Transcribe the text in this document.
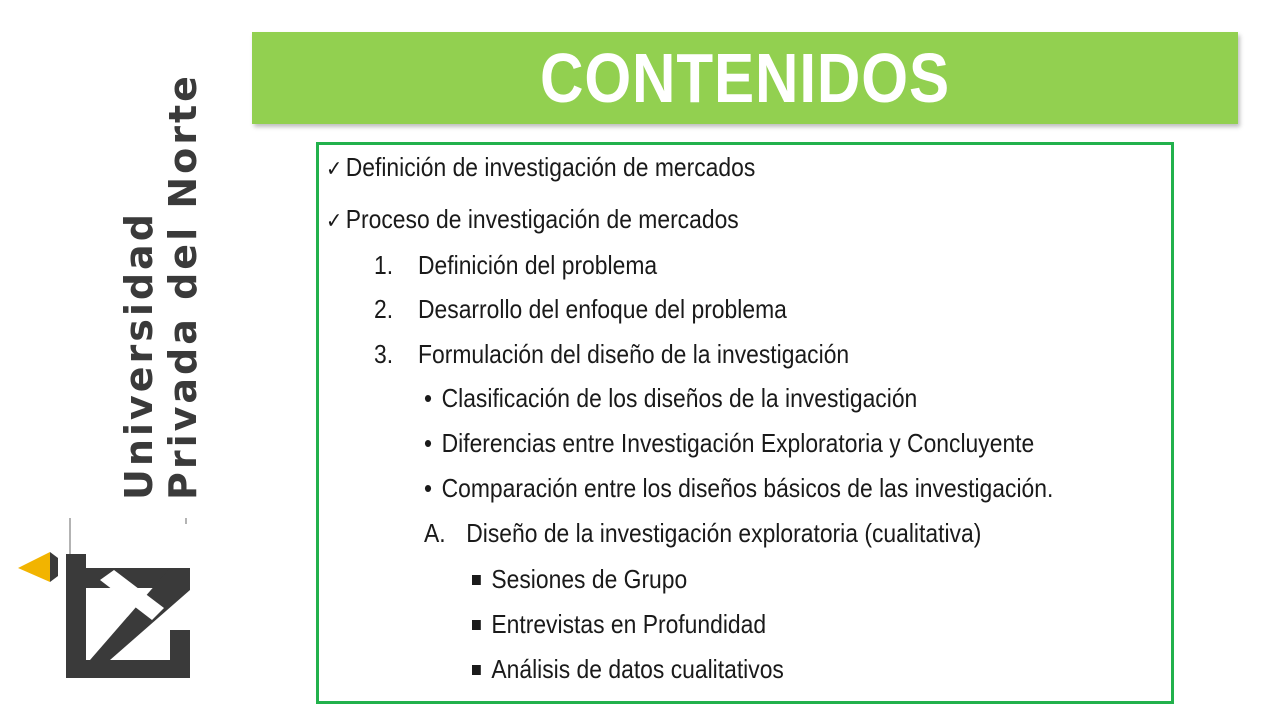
Universidad Privada del Norte	CONTENIDOS
✓ Definición de investigación de mercados
✓ Proceso de investigación de mercados
1. Definición del problema
2. Desarrollo del enfoque del problema
3. Formulación del diseño de la investigación
• Clasificación de los diseños de la investigación
• Diferencias entre Investigación Exploratoria y Concluyente
• Comparación entre los diseños básicos de las investigación.
A. Diseño de la investigación exploratoria (cualitativa)
Sesiones de Grupo
Entrevistas en Profundidad
Análisis de datos cualitativos
